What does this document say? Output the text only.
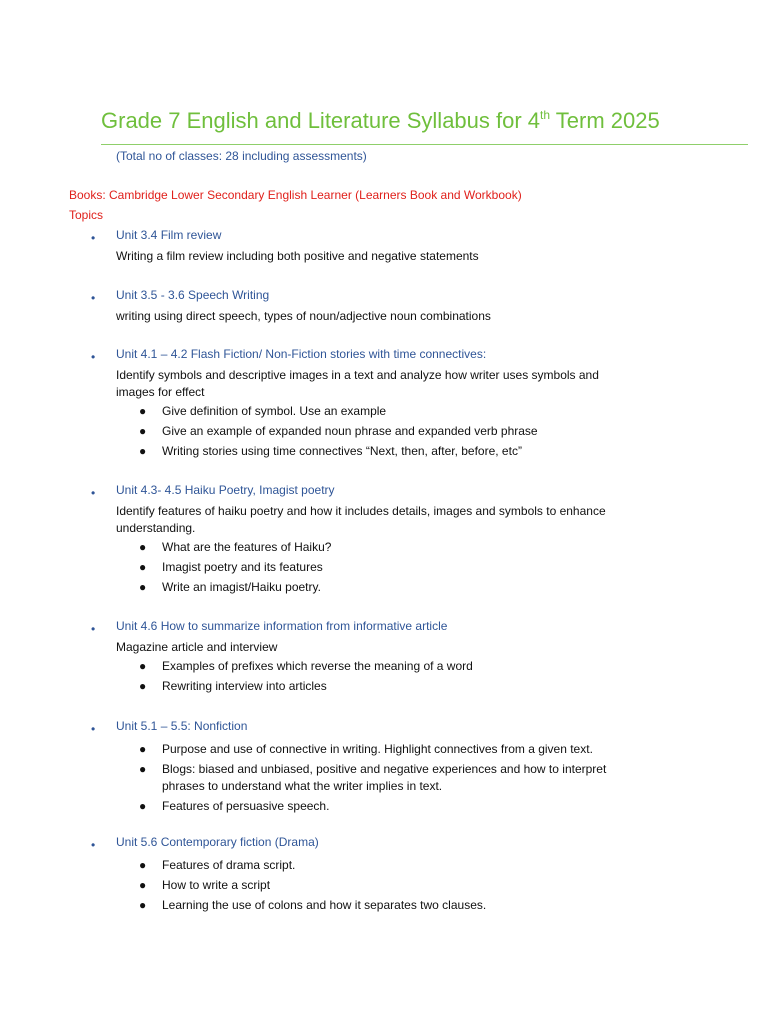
Grade 7 English and Literature Syllabus for 4th Term 2025
(Total no of classes: 28 including assessments)
Books: Cambridge Lower Secondary English Learner (Learners Book and Workbook)
Topics
• Unit 3.4 Film review
Writing a film review including both positive and negative statements
• Unit 3.5 - 3.6 Speech Writing
writing using direct speech, types of noun/adjective noun combinations
• Unit 4.1 – 4.2 Flash Fiction/ Non-Fiction stories with time connectives:
Identify symbols and descriptive images in a text and analyze how writer uses symbols and images for effect
● Give definition of symbol. Use an example
● Give an example of expanded noun phrase and expanded verb phrase
● Writing stories using time connectives “Next, then, after, before, etc”
• Unit 4.3- 4.5 Haiku Poetry, Imagist poetry
Identify features of haiku poetry and how it includes details, images and symbols to enhance understanding.
● What are the features of Haiku?
● Imagist poetry and its features
● Write an imagist/Haiku poetry.
• Unit 4.6 How to summarize information from informative article
Magazine article and interview
● Examples of prefixes which reverse the meaning of a word
● Rewriting interview into articles
• Unit 5.1 – 5.5: Nonfiction
● Purpose and use of connective in writing. Highlight connectives from a given text.
● Blogs: biased and unbiased, positive and negative experiences and how to interpret phrases to understand what the writer implies in text.
● Features of persuasive speech.
• Unit 5.6 Contemporary fiction (Drama)
● Features of drama script.
● How to write a script
● Learning the use of colons and how it separates two clauses.
